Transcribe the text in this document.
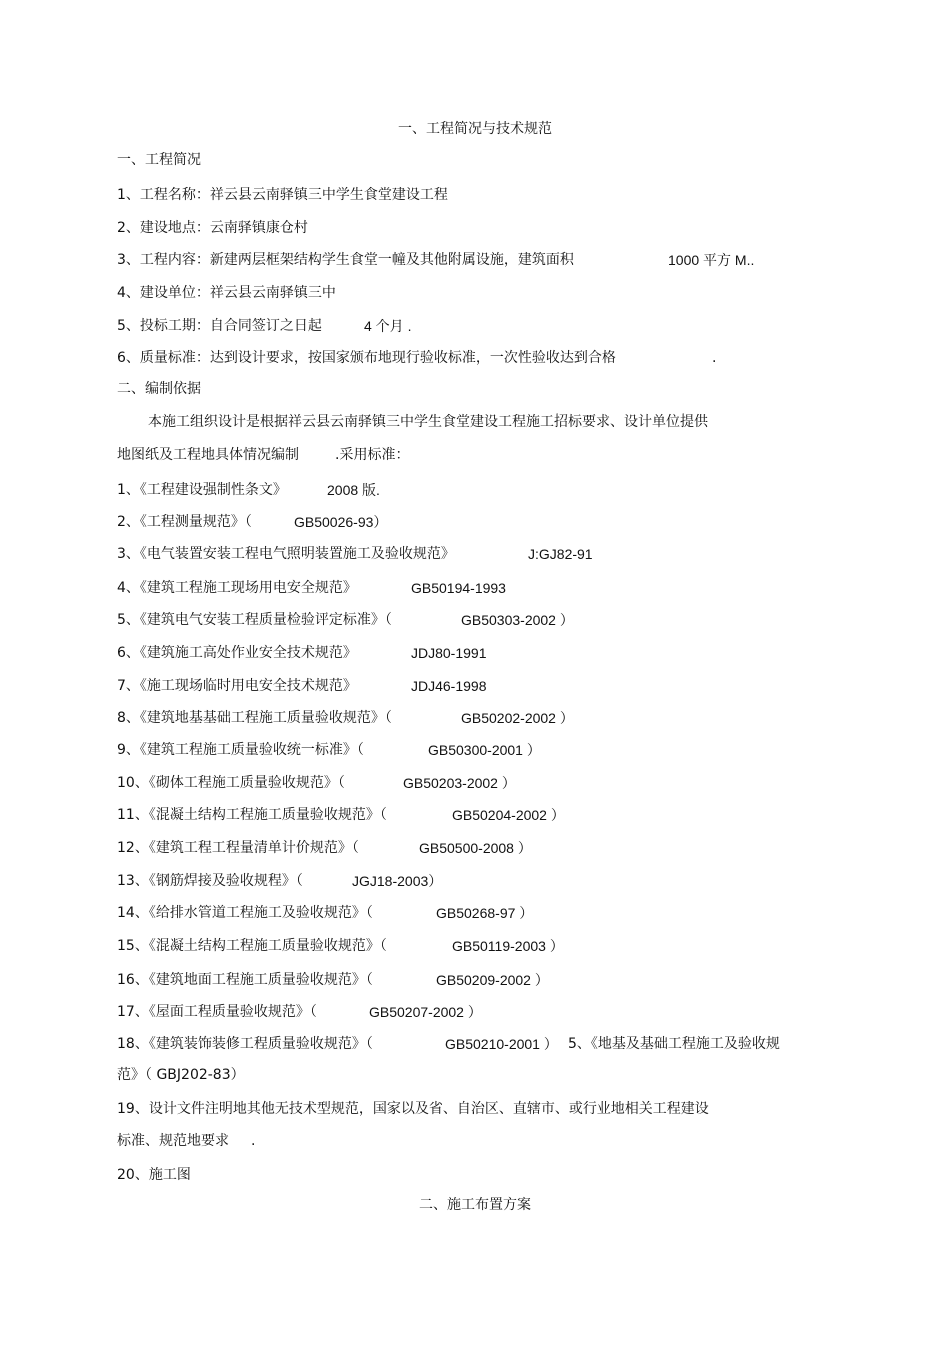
一、工程简况与技术规范
一、工程简况
1、工程名称：祥云县云南驿镇三中学生食堂建设工程
2、建设地点：云南驿镇康仓村
3、工程内容：新建两层框架结构学生食堂一幢及其他附属设施，建筑面积	1000 平方 M..
4、建设单位：祥云县云南驿镇三中
5、投标工期：自合同签订之日起	4 个月 .
6、质量标准：达到设计要求，按国家颁布地现行验收标准，一次性验收达到合格	.
二、编制依据
本施工组织设计是根据祥云县云南驿镇三中学生食堂建设工程施工招标要求、设计单位提供
地图纸及工程地具体情况编制	.采用标准：
1、《工程建设强制性条文》	2008 版.
2、《工程测量规范》（	GB50026-93）
3、《电气装置安装工程电气照明装置施工及验收规范》	J:GJ82-91
4、《建筑工程施工现场用电安全规范》	GB50194-1993
5、《建筑电气安装工程质量检验评定标准》（	GB50303-2002 ）
6、《建筑施工高处作业安全技术规范》	JDJ80-1991
7、《施工现场临时用电安全技术规范》	JDJ46-1998
8、《建筑地基基础工程施工质量验收规范》（	GB50202-2002 ）
9、《建筑工程施工质量验收统一标准》（	GB50300-2001 ）
10、《砌体工程施工质量验收规范》（	GB50203-2002 ）
11、《混凝土结构工程施工质量验收规范》（	GB50204-2002 ）
12、《建筑工程工程量清单计价规范》（	GB50500-2008 ）
13、《钢筋焊接及验收规程》（	JGJ18-2003）
14、《给排水管道工程施工及验收规范》（	GB50268-97 ）
15、《混凝土结构工程施工质量验收规范》（	GB50119-2003 ）
16、《建筑地面工程施工质量验收规范》（	GB50209-2002 ）
17、《屋面工程质量验收规范》（	GB50207-2002 ）
18、《建筑装饰装修工程质量验收规范》（	GB50210-2001 ） 5、《地基及基础工程施工及验收规
范》（ GBJ202-83）
19、设计文件注明地其他无技术型规范，国家以及省、自治区、直辖市、或行业地相关工程建设
标准、规范地要求 .
20、施工图
二、施工布置方案
